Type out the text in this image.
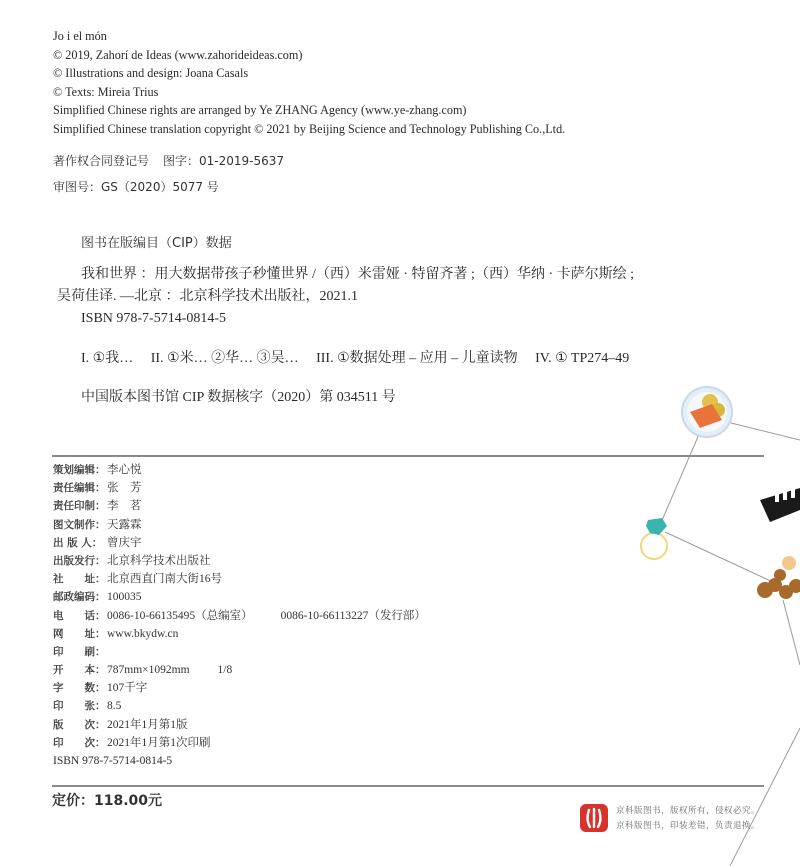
Jo i el món
© 2019, Zahorí de Ideas (www.zahorideideas.com)
© Illustrations and design: Joana Casals
© Texts: Mireia Trius
Simplified Chinese rights are arranged by Ye ZHANG Agency (www.ye-zhang.com)
Simplified Chinese translation copyright © 2021 by Beijing Science and Technology Publishing Co.,Ltd.
著作权合同登记号 图字：01-2019-5637
审图号：GS（2020）5077 号
图书在版编目（CIP）数据
我和世界 ：用大数据带孩子秒懂世界 /（西）米雷娅 · 特留齐著 ;（西）华纳 · 卡萨尔斯绘 ;
吴荷佳译. —北京 ：北京科学技术出版社，2021.1
ISBN 978-7-5714-0814-5
I. ①我… II. ①米… ②华… ③吴… III. ①数据处理 – 应用 – 儿童读物 IV. ① TP274–49
中国版本图书馆 CIP 数据核字（2020）第 034511 号
策划编辑： 李心悦
责任编辑： 张　芳
责任印制： 李　茗
图文制作： 天露霖
出 版 人： 曾庆宇
出版发行： 北京科学技术出版社
社　　址： 北京西直门南大街16号
邮政编码： 100035
电　　话： 0086-10-66135495（总编室） 0086-10-66113227（发行部）
网　　址： www.bkydw.cn
印　　刷：
开　　本： 787mm×1092mm 1/8
字　　数： 107千字
印　　张： 8.5
版　　次： 2021年1月第1版
印　　次： 2021年1月第1次印刷
ISBN 978-7-5714-0814-5
定价：118.00元
京科版图书，版权所有，侵权必究。
京科版图书，印装差错，负责退换。
